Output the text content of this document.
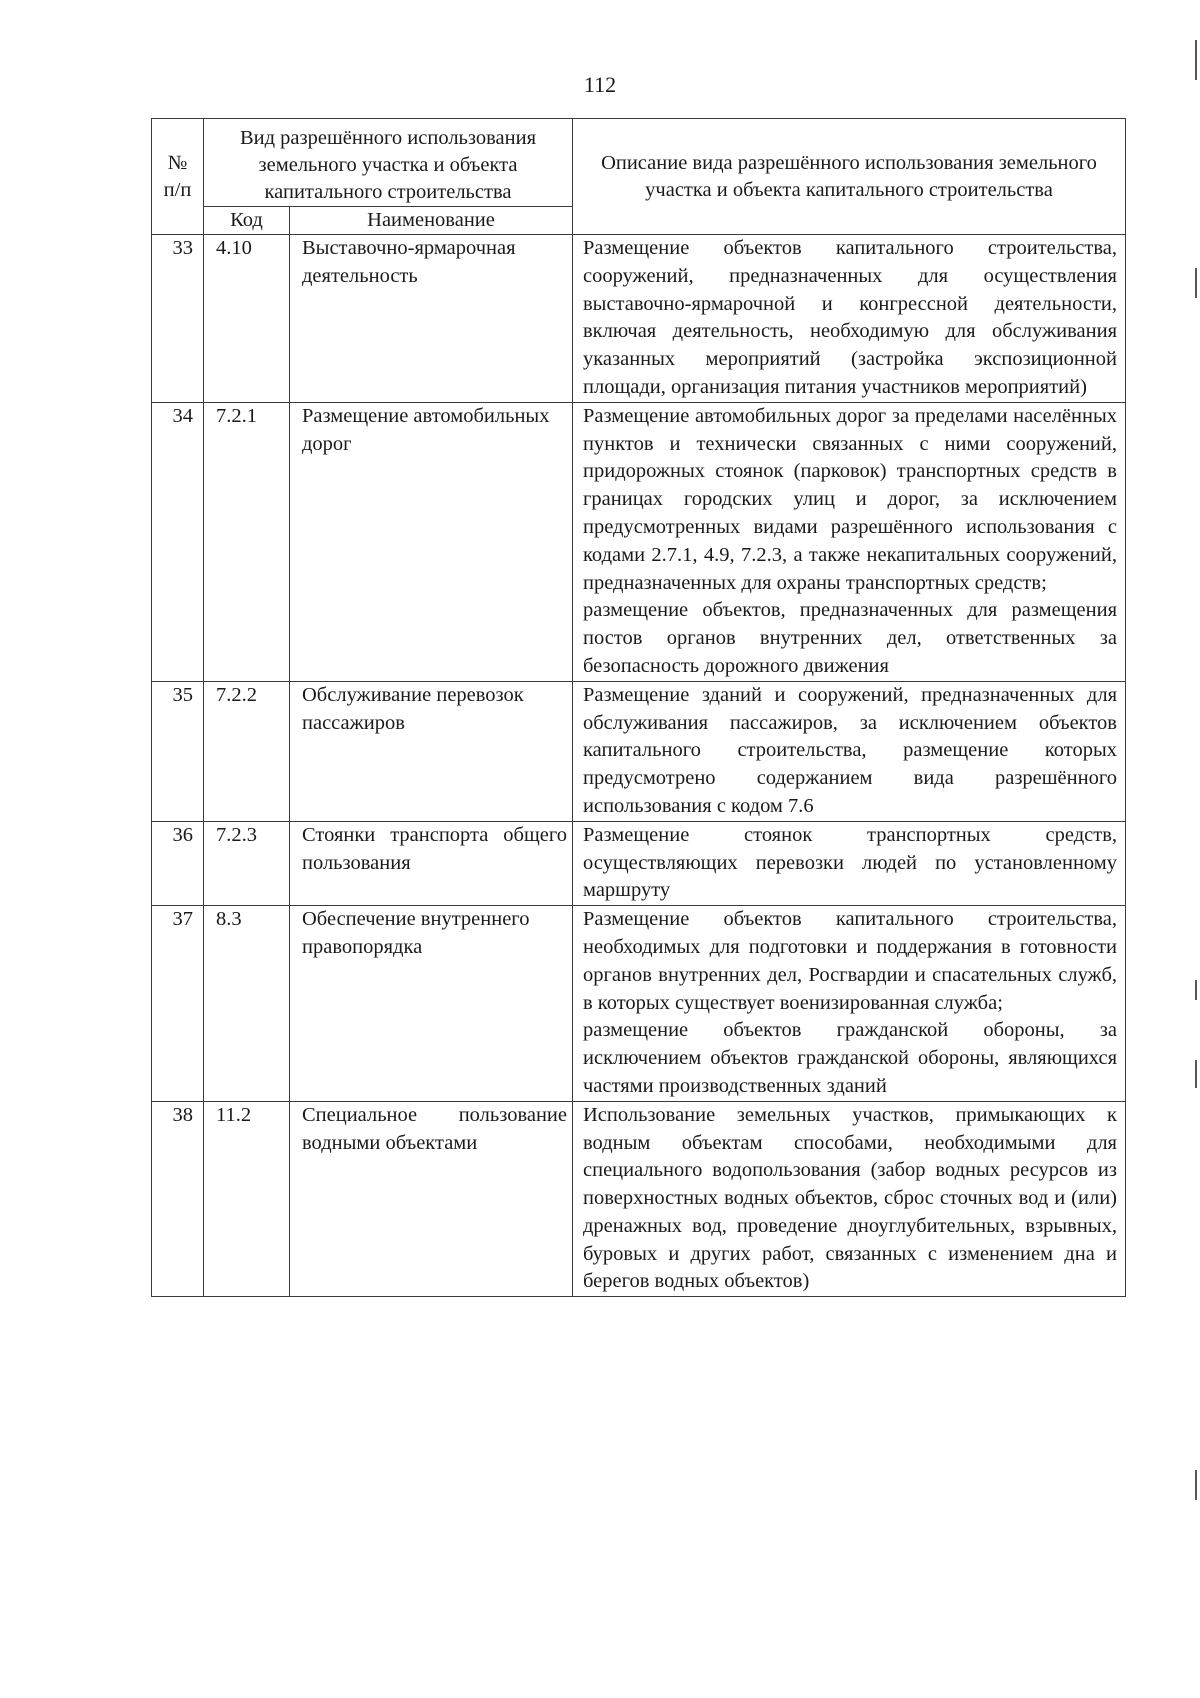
112
№ п/п	Вид разрешённого использования земельного участка и объекта капитального строительства		Описание вида разрешённого использования земельного участка и объекта капитального строительства
	Код	Наименование	
33	4.10	Выставочно-ярмарочная деятельность	Размещение объектов капитального строительства, сооружений, предназначенных для осуществления выставочно-ярмарочной и конгрессной деятельности, включая деятельность, необходимую для обслуживания указанных мероприятий (застройка экспозиционной площади, организация питания участников мероприятий)

34	7.2.1	Размещение автомобильных дорог	Размещение автомобильных дорог за пределами населённых пунктов и технически связанных с ними сооружений, придорожных стоянок (парковок) транспортных средств в границах городских улиц и дорог, за исключением предусмотренных видами разрешённого использования с кодами 2.7.1, 4.9, 7.2.3, а также некапитальных сооружений, предназначенных для охраны транспортных средств;
размещение объектов, предназначенных для размещения постов органов внутренних дел, ответственных за безопасность дорожного движения

35	7.2.2	Обслуживание перевозок пассажиров	Размещение зданий и сооружений, предназначенных для обслуживания пассажиров, за исключением объектов капитального строительства, размещение которых предусмотрено содержанием вида разрешённого использования с кодом 7.6

36	7.2.3	Стоянки транспорта общего пользования	Размещение стоянок транспортных средств, осуществляющих перевозки людей по установленному маршруту

37	8.3	Обеспечение внутреннего правопорядка	Размещение объектов капитального строительства, необходимых для подготовки и поддержания в готовности органов внутренних дел, Росгвардии и спасательных служб, в которых существует военизированная служба;
размещение объектов гражданской обороны, за исключением объектов гражданской обороны, являющихся частями производственных зданий

38	11.2	Специальное пользование водными объектами	Использование земельных участков, примыкающих к водным объектам способами, необходимыми для специального водопользования (забор водных ресурсов из поверхностных водных объектов, сброс сточных вод и (или) дренажных вод, проведение дноуглубительных, взрывных, буровых и других работ, связанных с изменением дна и берегов водных объектов)
